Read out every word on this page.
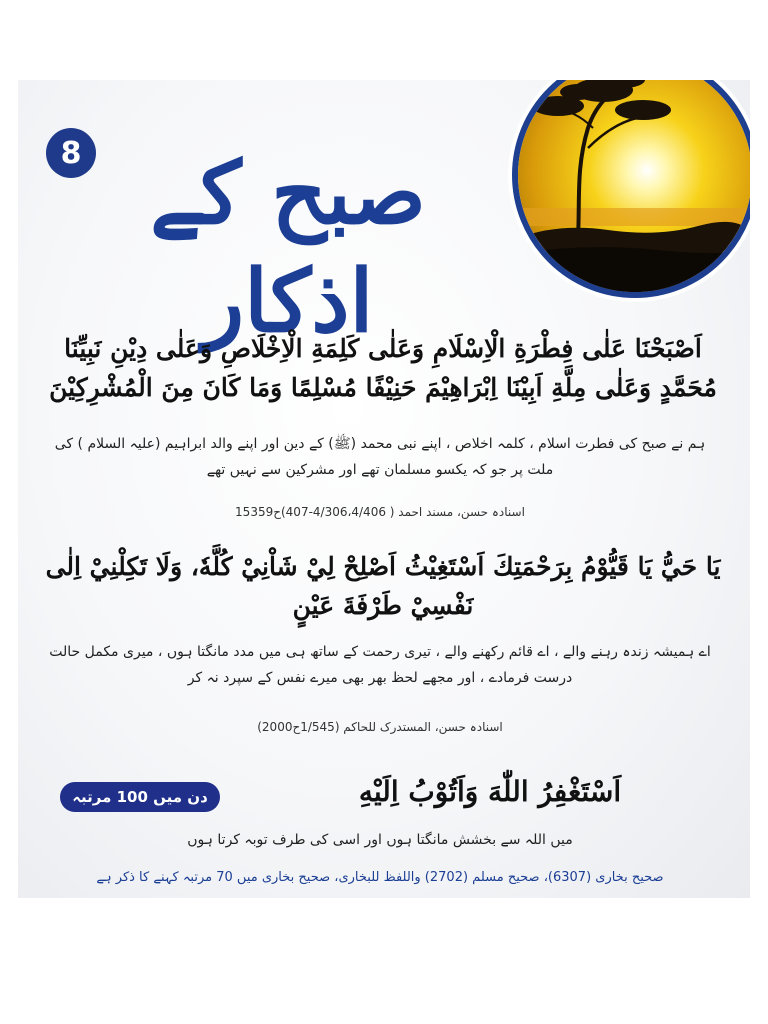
8 صبح کے اذکار
اَصْبَحْنَا عَلٰى فِطْرَةِ الْاِسْلَامِ وَعَلٰى كَلِمَةِ الْاِخْلَاصِ وَعَلٰى دِيْنِ نَبِيِّنَا مُحَمَّدٍ وَعَلٰى مِلَّةِ اَبِيْنَا اِبْرَاهِيْمَ حَنِيْفًا مُسْلِمًا وَمَا كَانَ مِنَ الْمُشْرِكِيْنَ
ہم نے صبح کی فطرت اسلام ، کلمہ اخلاص ، اپنے نبی محمد (ﷺ) کے دین اور اپنے والد ابراہیم (علیہ السلام ) کی ملت پر جو کہ یکسو مسلمان تھے اور مشرکین سے نہیں تھے
اسنادہ حسن، مسند احمد ( 4/306،4/406-407)ح15359
يَا حَيُّ يَا قَيُّوْمُ بِرَحْمَتِكَ اَسْتَغِيْثُ اَصْلِحْ لِيْ شَاْنِيْ كُلَّهٗ، وَلَا تَكِلْنِيْ اِلٰى نَفْسِيْ طَرْفَةَ عَيْنٍ
اے ہمیشہ زندہ رہنے والے ، اے قائم رکھنے والے ، تیری رحمت کے ساتھ ہی میں مدد مانگتا ہوں ، میری مکمل حالت درست فرمادے ، اور مجھے لحظ بھر بھی میرے نفس کے سپرد نہ کر
اسنادہ حسن، المستدرک للحاکم (1/545ح2000)
اَسْتَغْفِرُ اللّٰهَ وَاَتُوْبُ اِلَيْهِ
دن میں 100 مرتبہ
میں اللہ سے بخشش مانگتا ہوں اور اسی کی طرف توبہ کرتا ہوں
صحیح بخاری (6307)، صحیح مسلم (2702) واللفظ للبخاری، صحیح بخاری میں 70 مرتبہ کہنے کا ذکر ہے
